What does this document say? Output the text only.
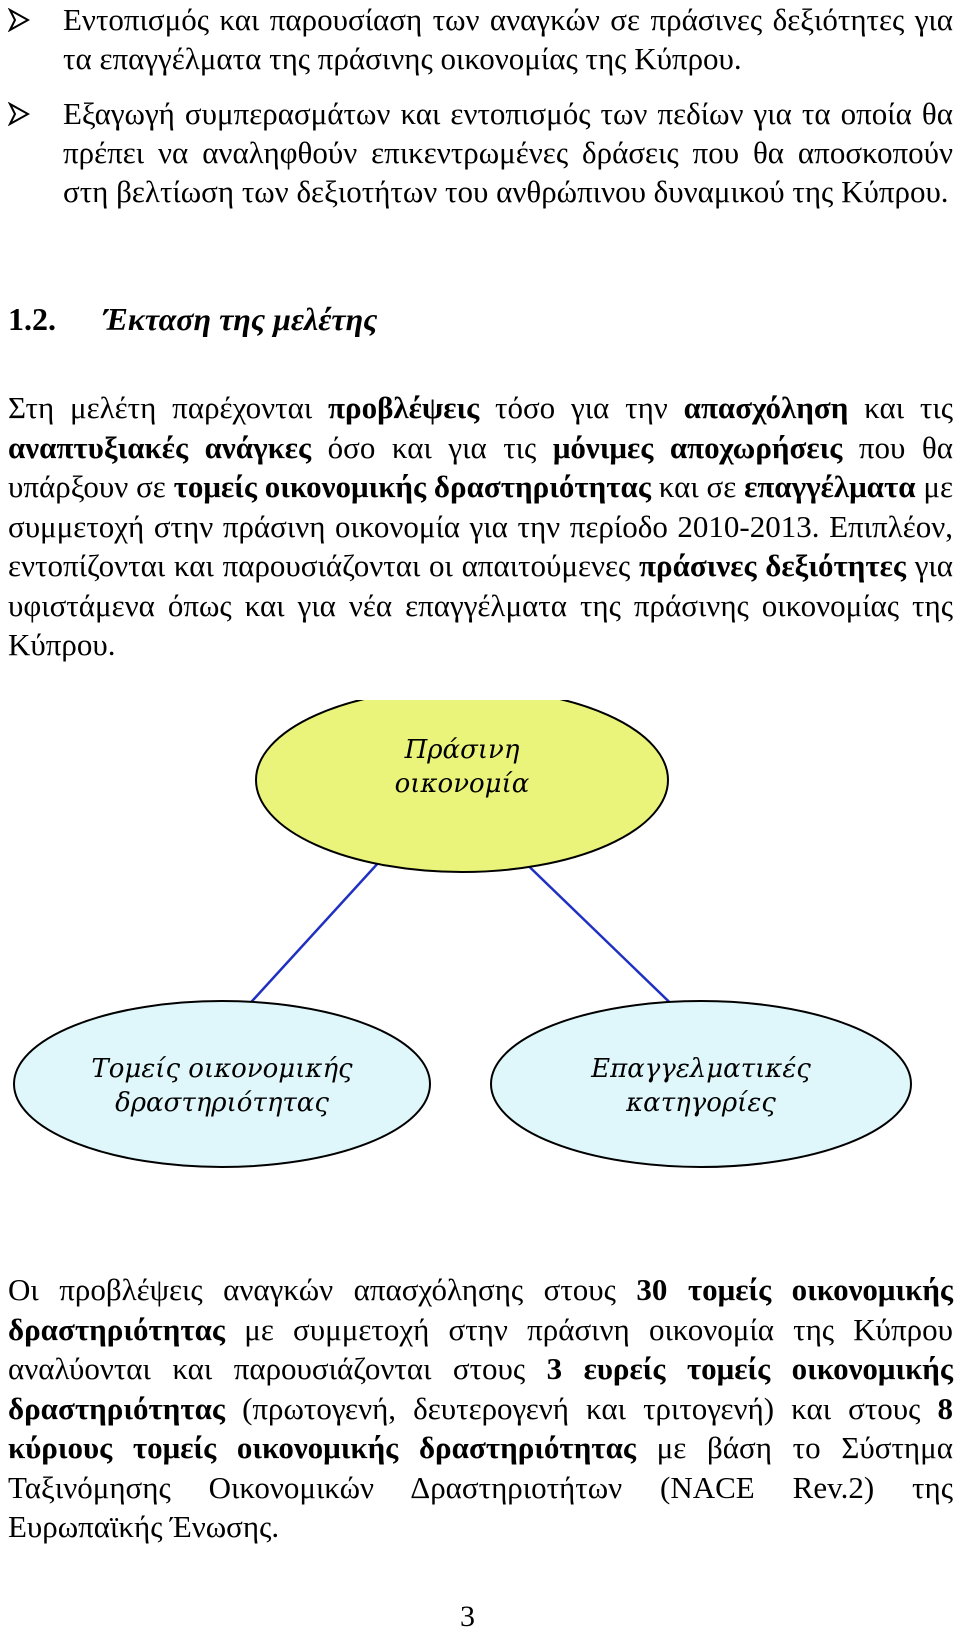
Εντοπισμός και παρουσίαση των αναγκών σε πράσινες δεξιότητες για τα επαγγέλματα της πράσινης οικονομίας της Κύπρου.
Εξαγωγή συμπερασμάτων και εντοπισμός των πεδίων για τα οποία θα πρέπει να αναληφθούν επικεντρωμένες δράσεις που θα αποσκοπούν στη βελτίωση των δεξιοτήτων του ανθρώπινου δυναμικού της Κύπρου.
1.2.	Έκταση της μελέτης
Στη μελέτη παρέχονται προβλέψεις τόσο για την απασχόληση και τις αναπτυξιακές ανάγκες όσο και για τις μόνιμες αποχωρήσεις που θα υπάρξουν σε τομείς οικονομικής δραστηριότητας και σε επαγγέλματα με συμμετοχή στην πράσινη οικονομία για την περίοδο 2010-2013. Επιπλέον, εντοπίζονται και παρουσιάζονται οι απαιτούμενες πράσινες δεξιότητες για υφιστάμενα όπως και για νέα επαγγέλματα της πράσινης οικονομίας της Κύπρου.
Πράσινη
οικονομία
Τομείς οικονομικής
δραστηριότητας
Επαγγελματικές
κατηγορίες
Οι προβλέψεις αναγκών απασχόλησης στους 30 τομείς οικονομικής δραστηριότητας με συμμετοχή στην πράσινη οικονομία της Κύπρου αναλύονται και παρουσιάζονται στους 3 ευρείς τομείς οικονομικής δραστηριότητας (πρωτογενή, δευτερογενή και τριτογενή) και στους 8 κύριους τομείς οικονομικής δραστηριότητας με βάση το Σύστημα Ταξινόμησης Οικονομικών Δραστηριοτήτων (NACE Rev.2) της Ευρωπαϊκής Ένωσης.
3
